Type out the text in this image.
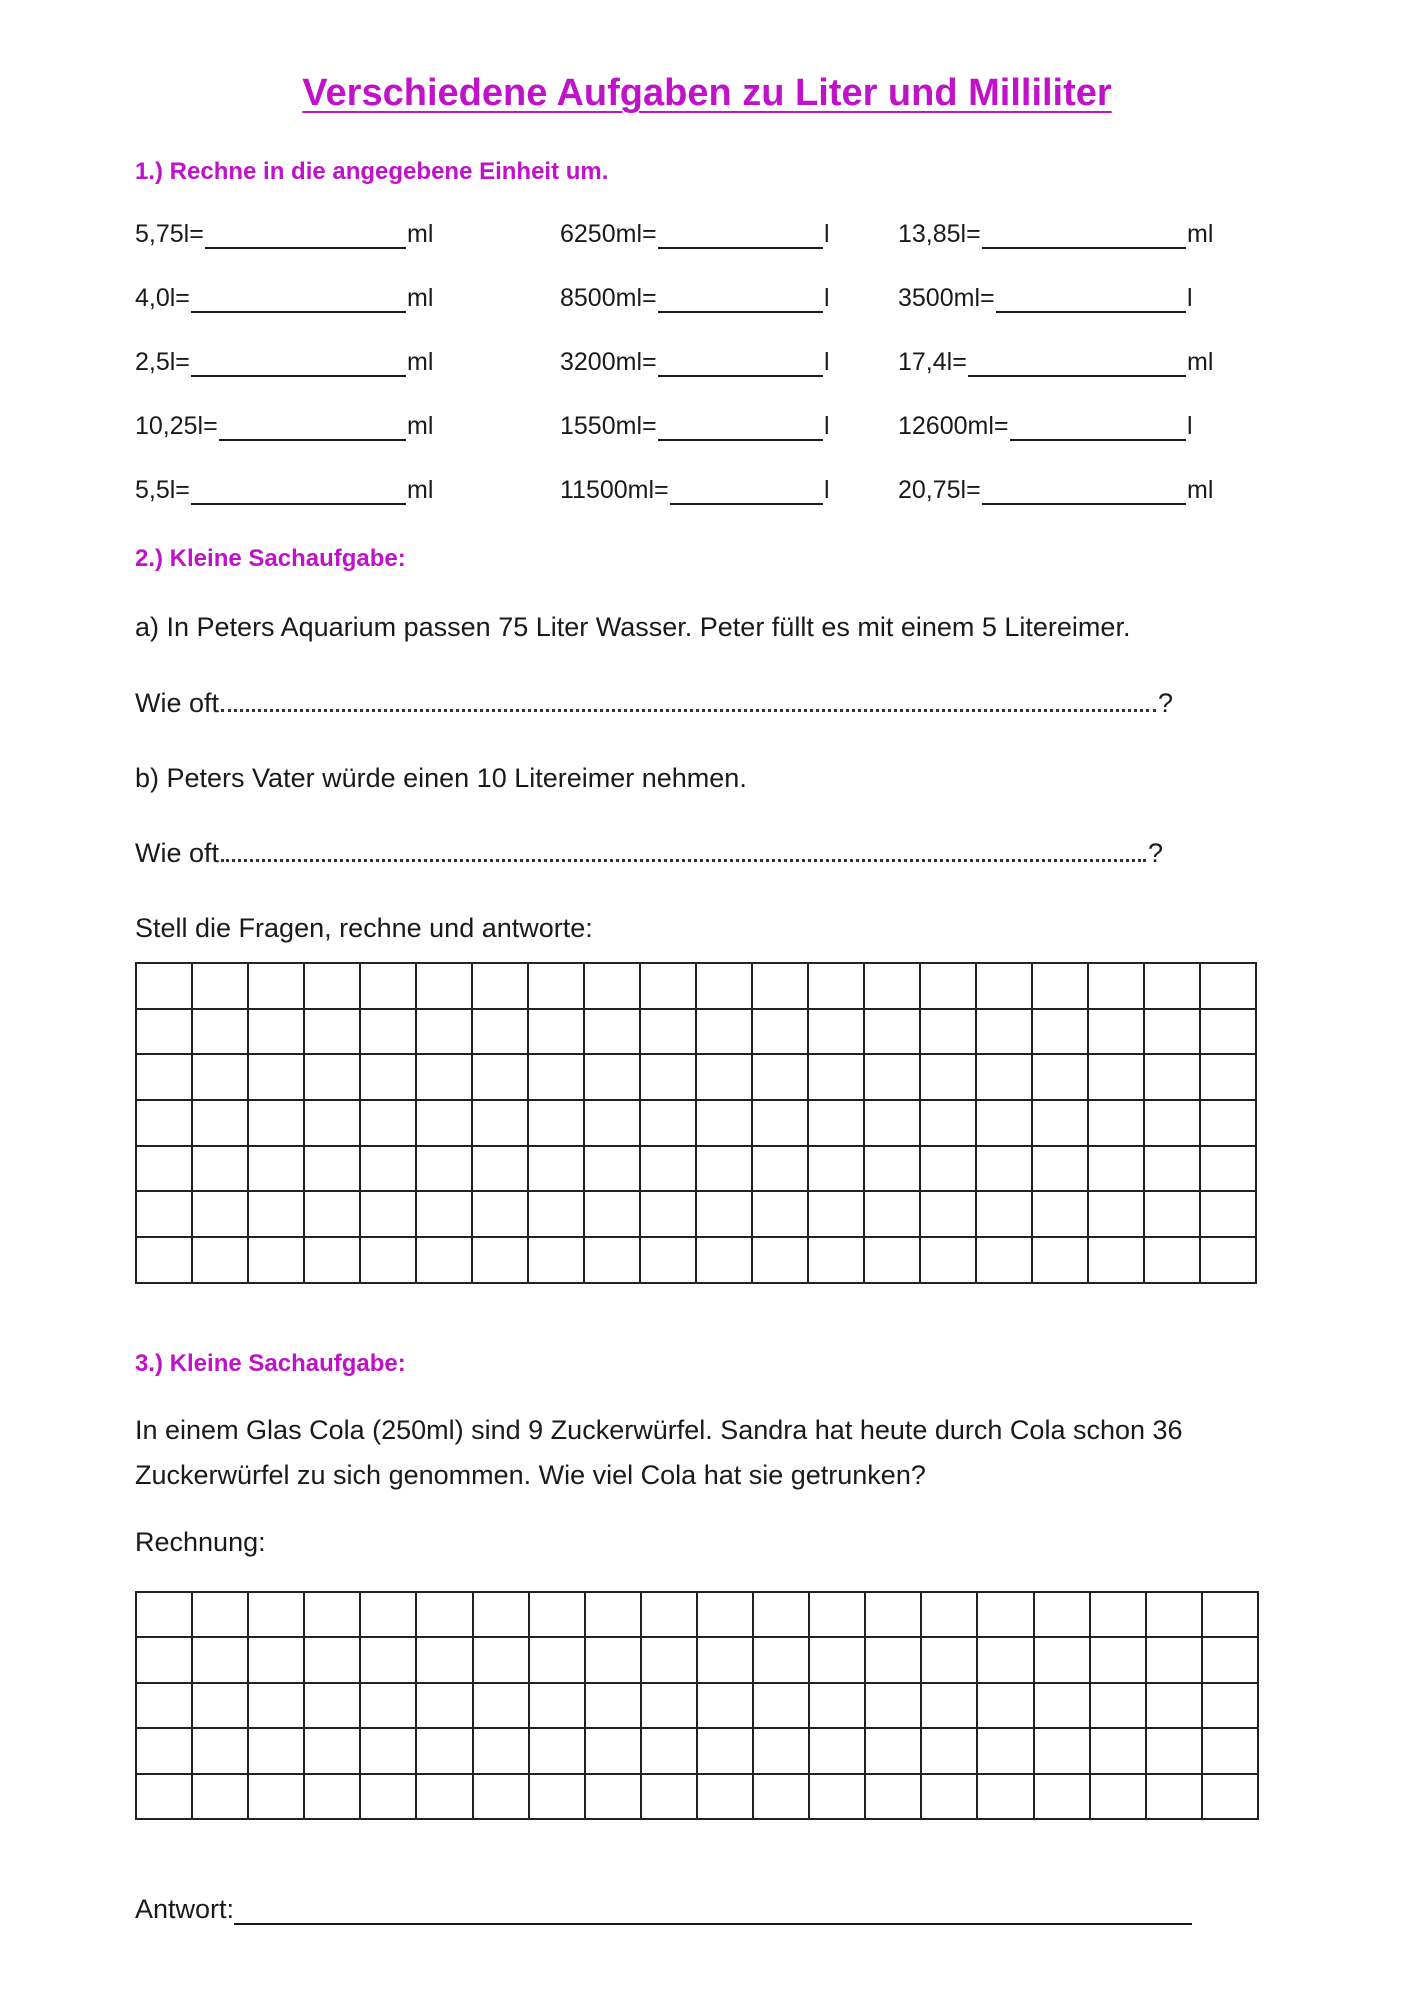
Verschiedene Aufgaben zu Liter und Milliliter
1.) Rechne in die angegebene Einheit um.
5,75l=	ml	6250ml=	l	13,85l=	ml
4,0l=	ml	8500ml=	l	3500ml=	l
2,5l=	ml	3200ml=	l	17,4l=	ml
10,25l=	ml	1550ml=	l	12600ml=	l
5,5l=	ml	11500ml=	l	20,75l=	ml
2.) Kleine Sachaufgabe:
a) In Peters Aquarium passen 75 Liter Wasser. Peter füllt es mit einem 5 Litereimer.
Wie oft	?
b) Peters Vater würde einen 10 Litereimer nehmen.
Wie oft	?
Stell die Fragen, rechne und antworte:
3.) Kleine Sachaufgabe:
In einem Glas Cola (250ml) sind 9 Zuckerwürfel. Sandra hat heute durch Cola schon 36
Zuckerwürfel zu sich genommen. Wie viel Cola hat sie getrunken?
Rechnung:
Antwort:
